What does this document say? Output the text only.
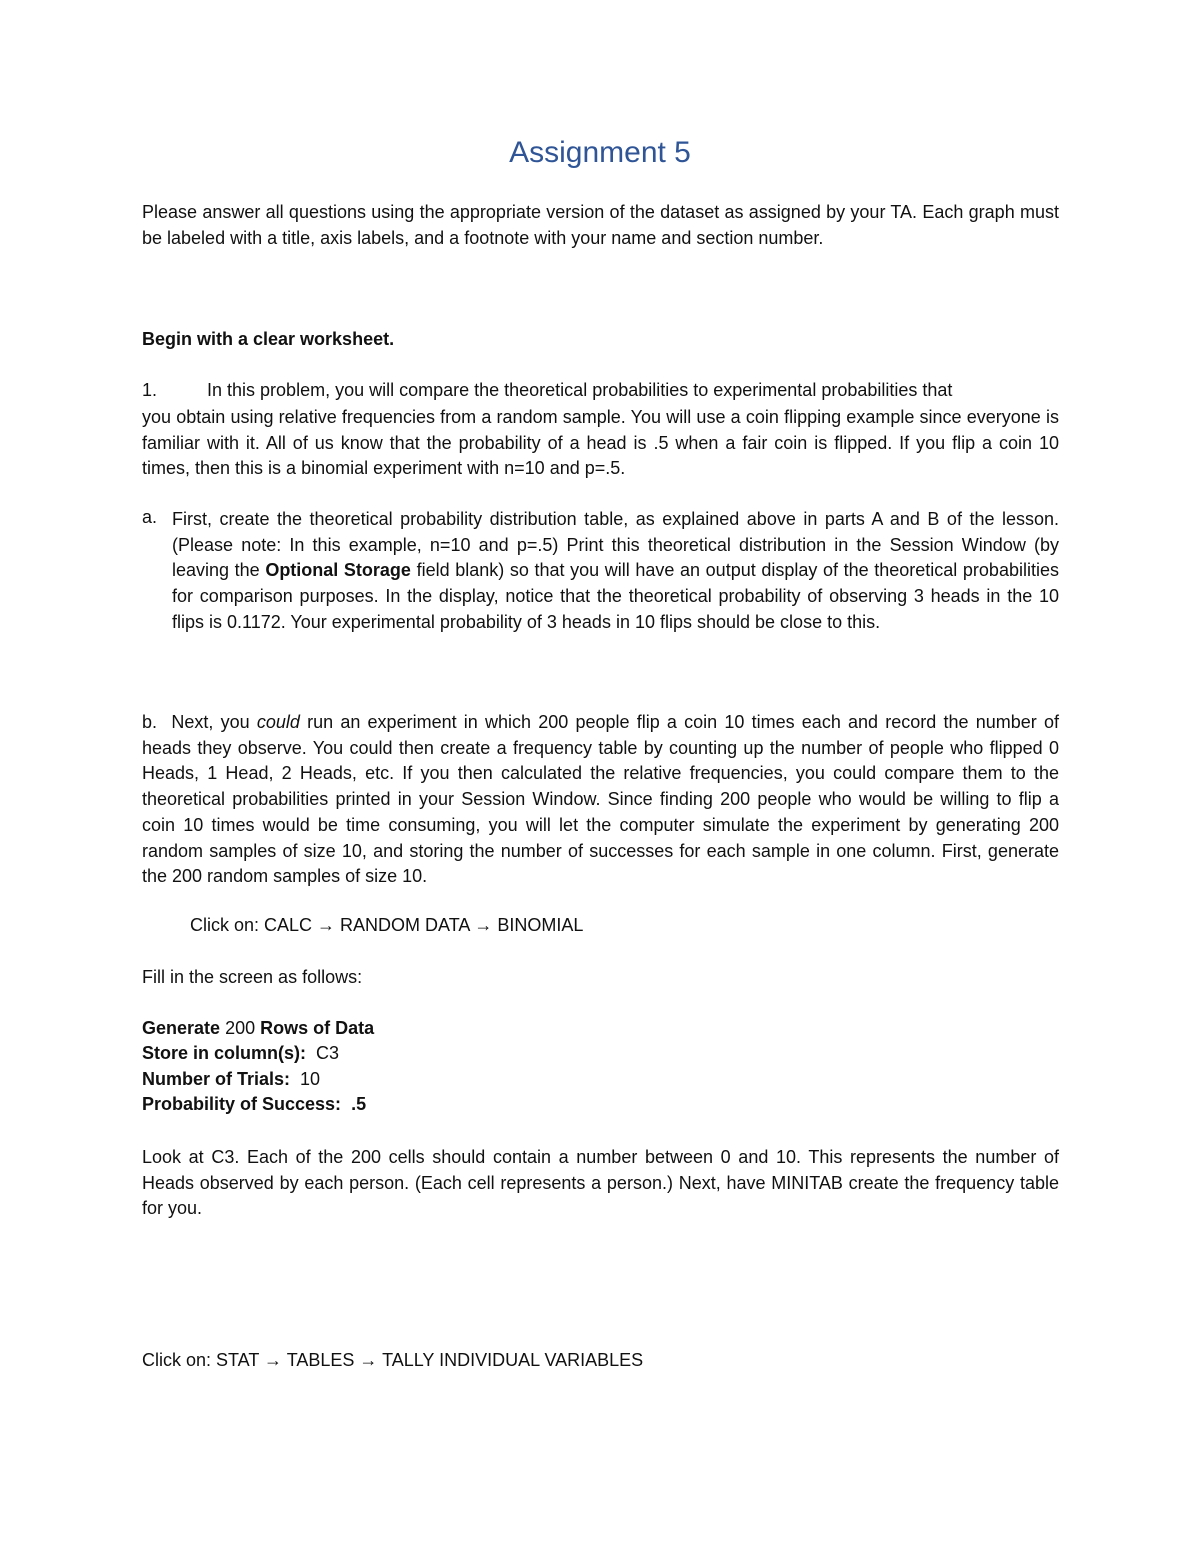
Assignment 5

Please answer all questions using the appropriate version of the dataset as assigned by your TA. Each graph must be labeled with a title, axis labels, and a footnote with your name and section number.

Begin with a clear worksheet.
1.	In this problem, you will compare the theoretical probabilities to experimental probabilities that

you obtain using relative frequencies from a random sample. You will use a coin flipping example since everyone is familiar with it. All of us know that the probability of a head is .5 when a fair coin is flipped. If you flip a coin 10 times, then this is a binomial experiment with n=10 and p=.5.

a. First, create the theoretical probability distribution table, as explained above in parts A and B of the lesson. (Please note: In this example, n=10 and p=.5) Print this theoretical distribution in the Session Window (by leaving the Optional Storage field blank) so that you will have an output display of the theoretical probabilities for comparison purposes. In the display, notice that the theoretical probability of observing 3 heads in the 10 flips is 0.1172. Your experimental probability of 3 heads in 10 flips should be close to this.

b. Next, you could run an experiment in which 200 people flip a coin 10 times each and record the number of heads they observe. You could then create a frequency table by counting up the number of people who flipped 0 Heads, 1 Head, 2 Heads, etc. If you then calculated the relative frequencies, you could compare them to the theoretical probabilities printed in your Session Window. Since finding 200 people who would be willing to flip a coin 10 times would be time consuming, you will let the computer simulate the experiment by generating 200 random samples of size 10, and storing the number of successes for each sample in one column. First, generate the 200 random samples of size 10.

Click on: CALC → RANDOM DATA → BINOMIAL
Fill in the screen as follows:
Generate 200 Rows of Data
Store in column(s): C3
Number of Trials: 10
Probability of Success: .5

Look at C3. Each of the 200 cells should contain a number between 0 and 10. This represents the number of Heads observed by each person. (Each cell represents a person.) Next, have MINITAB create the frequency table for you.

Click on: STAT → TABLES → TALLY INDIVIDUAL VARIABLES
